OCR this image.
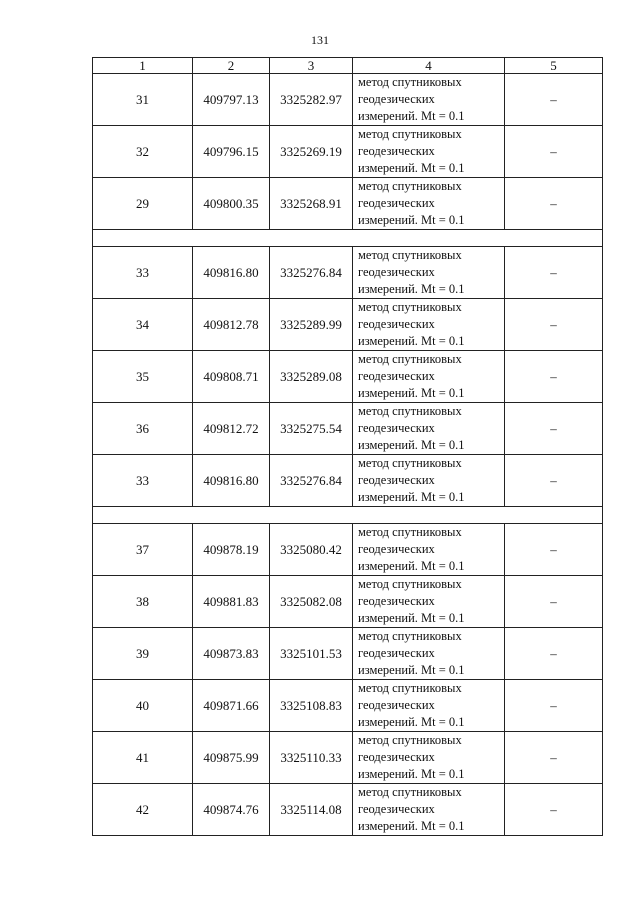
131
1	2	3	4	5
31	409797.13	3325282.97	метод спутниковых
геодезических
измерений. Mt = 0.1	–
32	409796.15	3325269.19	метод спутниковых
геодезических
измерений. Mt = 0.1	–
29	409800.35	3325268.91	метод спутниковых
геодезических
измерений. Mt = 0.1	–

33	409816.80	3325276.84	метод спутниковых
геодезических
измерений. Mt = 0.1	–
34	409812.78	3325289.99	метод спутниковых
геодезических
измерений. Mt = 0.1	–
35	409808.71	3325289.08	метод спутниковых
геодезических
измерений. Mt = 0.1	–
36	409812.72	3325275.54	метод спутниковых
геодезических
измерений. Mt = 0.1	–
33	409816.80	3325276.84	метод спутниковых
геодезических
измерений. Mt = 0.1	–

37	409878.19	3325080.42	метод спутниковых
геодезических
измерений. Mt = 0.1	–
38	409881.83	3325082.08	метод спутниковых
геодезических
измерений. Mt = 0.1	–
39	409873.83	3325101.53	метод спутниковых
геодезических
измерений. Mt = 0.1	–
40	409871.66	3325108.83	метод спутниковых
геодезических
измерений. Mt = 0.1	–
41	409875.99	3325110.33	метод спутниковых
геодезических
измерений. Mt = 0.1	–
42	409874.76	3325114.08	метод спутниковых
геодезических
измерений. Mt = 0.1	–
